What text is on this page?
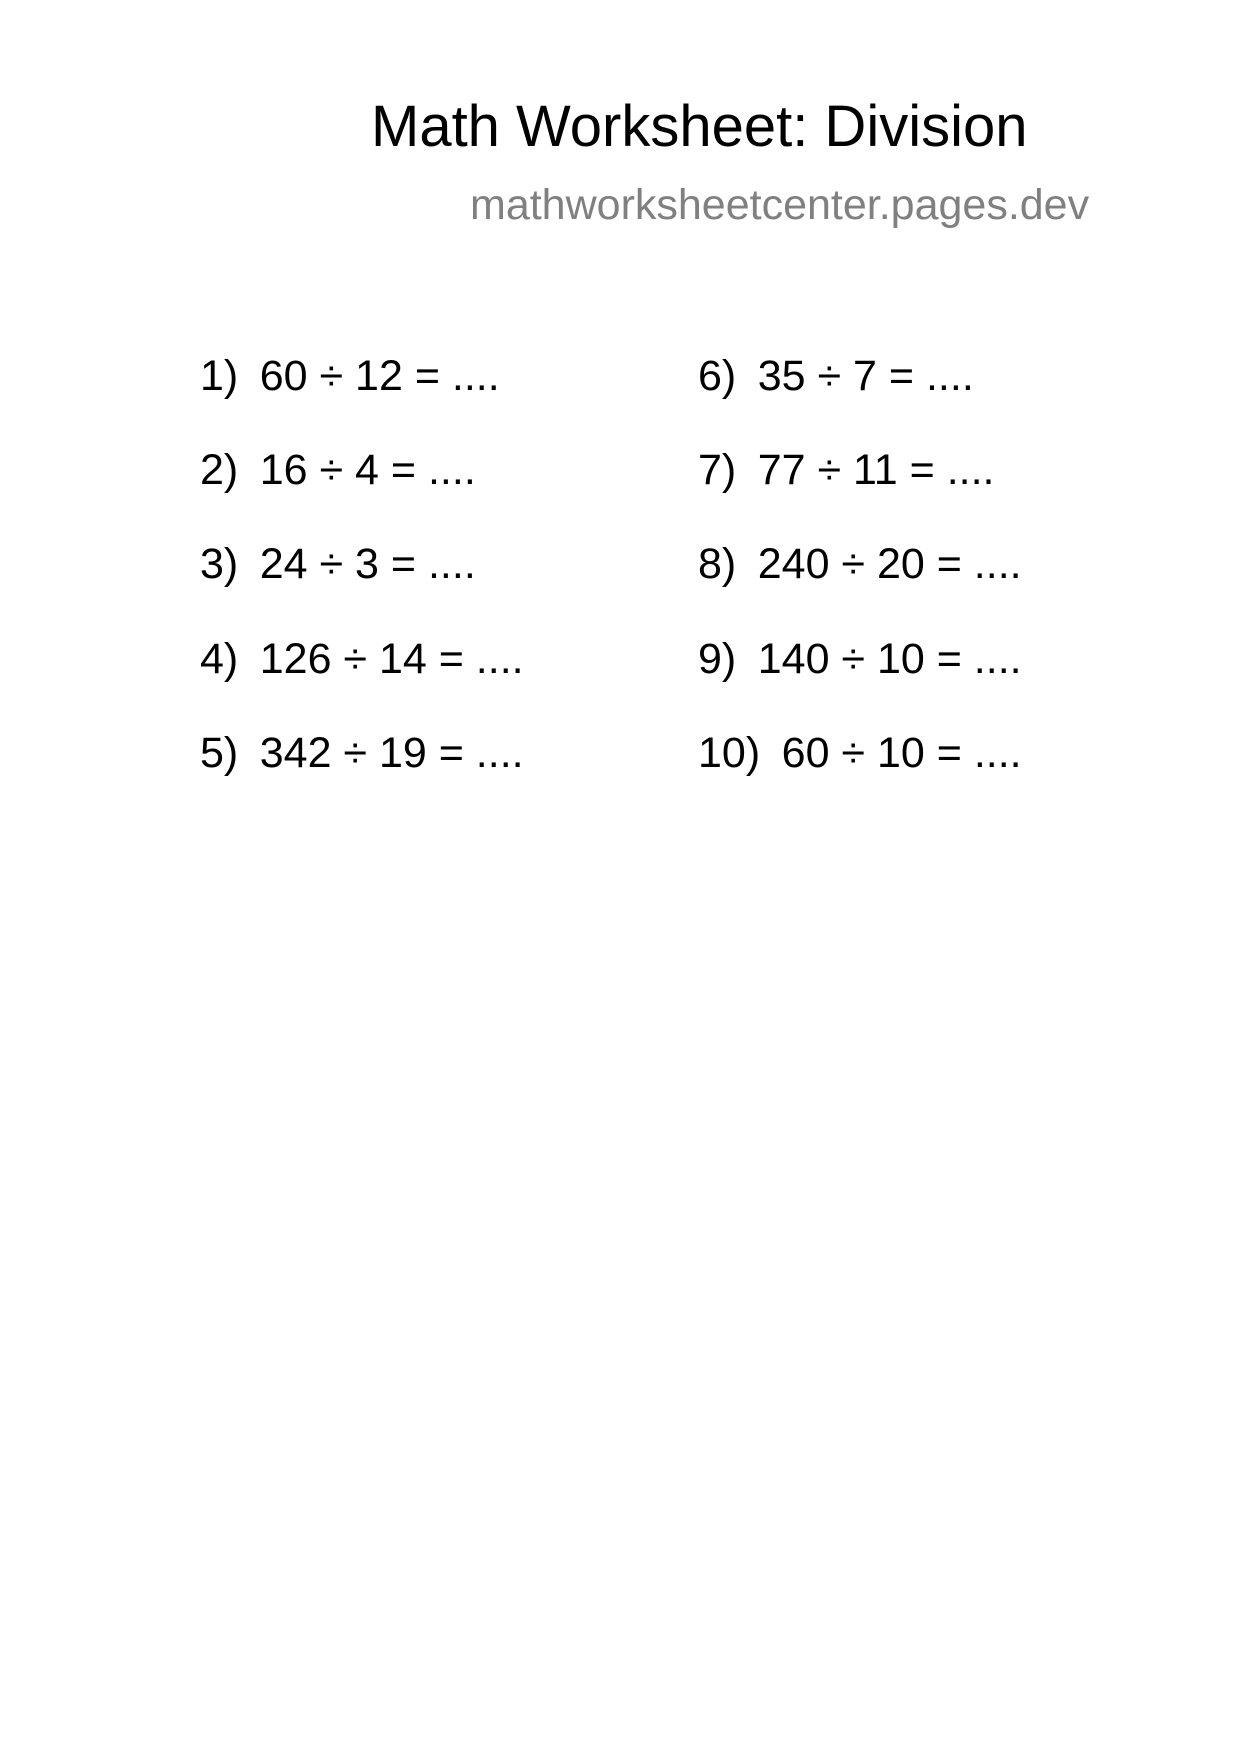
Math Worksheet: Division
mathworksheetcenter.pages.dev
1) 60 ÷ 12 = ....
2) 16 ÷ 4 = ....
3) 24 ÷ 3 = ....
4) 126 ÷ 14 = ....
5) 342 ÷ 19 = ....
6) 35 ÷ 7 = ....
7) 77 ÷ 11 = ....
8) 240 ÷ 20 = ....
9) 140 ÷ 10 = ....
10) 60 ÷ 10 = ....
